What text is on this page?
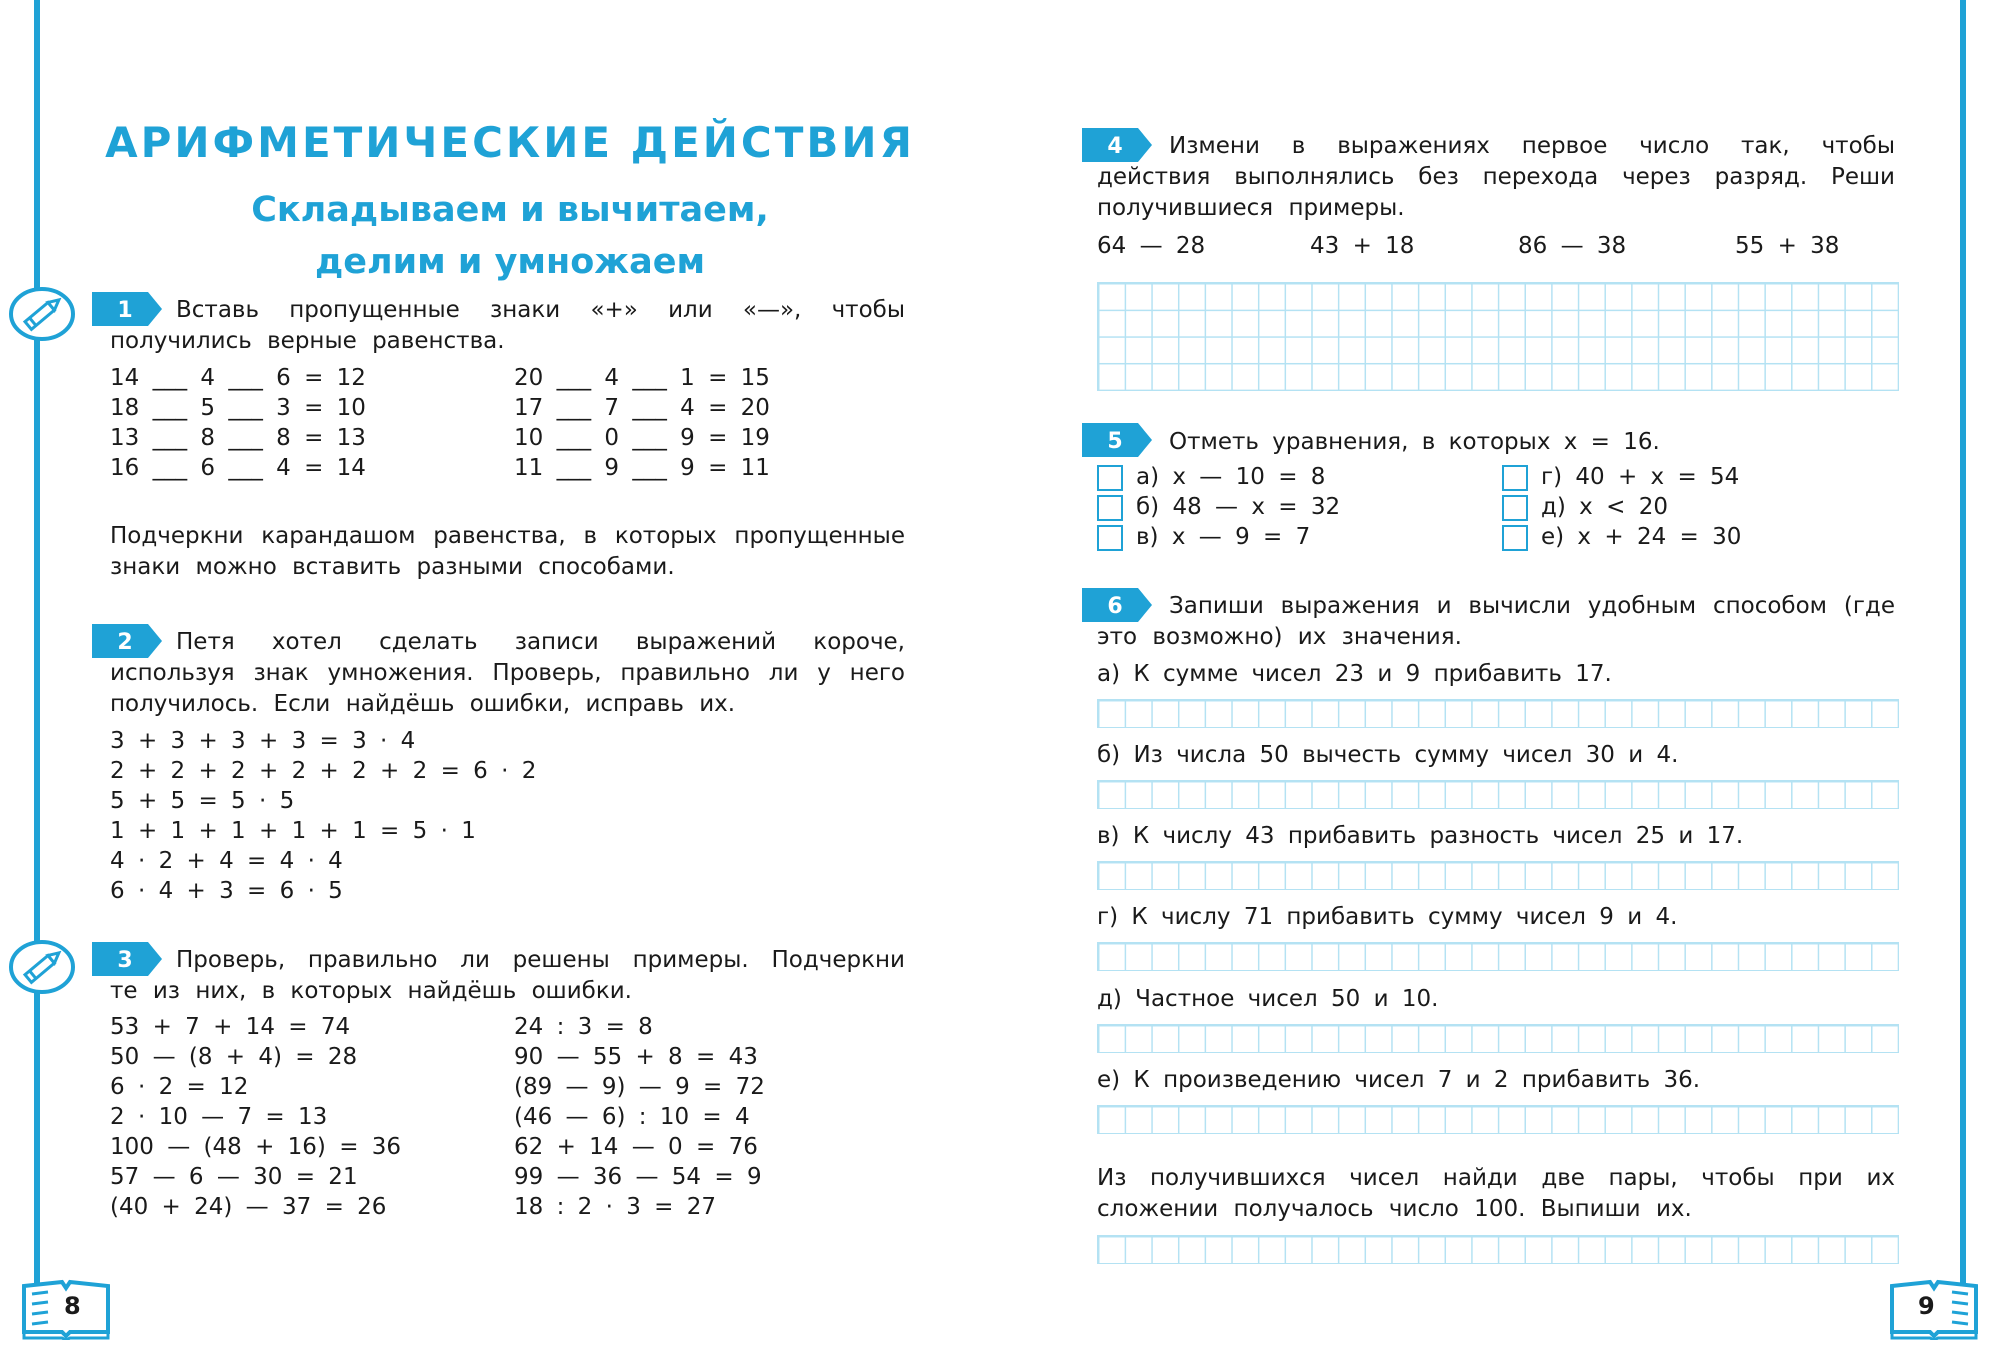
АРИФМЕТИЧЕСКИЕ ДЕЙСТВИЯ
Складываем и вычитаем,
делим и умножаем
1	Вставь пропущенные знаки «+» или «—», чтобы получились верные равенства.
14 ___ 4 ___ 6 = 12
18 ___ 5 ___ 3 = 10
13 ___ 8 ___ 8 = 13
16 ___ 6 ___ 4 = 14
20 ___ 4 ___ 1 = 15
17 ___ 7 ___ 4 = 20
10 ___ 0 ___ 9 = 19
11 ___ 9 ___ 9 = 11
Подчеркни карандашом равенства, в которых пропущенные знаки можно вставить разными способами.
2	Петя хотел сделать записи выражений короче, используя знак умножения. Проверь, правильно ли у него получилось. Если найдёшь ошибки, исправь их.
3 + 3 + 3 + 3 = 3 · 4
2 + 2 + 2 + 2 + 2 + 2 = 6 · 2
5 + 5 = 5 · 5
1 + 1 + 1 + 1 + 1 = 5 · 1
4 · 2 + 4 = 4 · 4
6 · 4 + 3 = 6 · 5
3	Проверь, правильно ли решены примеры. Подчеркни те из них, в которых найдёшь ошибки.
53 + 7 + 14 = 74
50 — (8 + 4) = 28
6 · 2 = 12
2 · 10 — 7 = 13
100 — (48 + 16) = 36
57 — 6 — 30 = 21
(40 + 24) — 37 = 26
24 : 3 = 8
90 — 55 + 8 = 43
(89 — 9) — 9 = 72
(46 — 6) : 10 = 4
62 + 14 — 0 = 76
99 — 36 — 54 = 9
18 : 2 · 3 = 27
4	Измени в выражениях первое число так, чтобы действия выполнялись без перехода через разряд. Реши получившиеся примеры.
64 — 28	43 + 18	86 — 38	55 + 38
5 Отметь уравнения, в которых x = 16.
а) x — 10 = 8
б) 48 — x = 32
в) x — 9 = 7
г) 40 + x = 54
д) x < 20
е) x + 24 = 30
6	Запиши выражения и вычисли удобным способом (где это возможно) их значения.
а) К сумме чисел 23 и 9 прибавить 17.
б) Из числа 50 вычесть сумму чисел 30 и 4.
в) К числу 43 прибавить разность чисел 25 и 17.
г) К числу 71 прибавить сумму чисел 9 и 4.
д) Частное чисел 50 и 10.
е) К произведению чисел 7 и 2 прибавить 36.
Из получившихся чисел найди две пары, чтобы при их сложении получалось число 100. Выпиши их.
8	9
